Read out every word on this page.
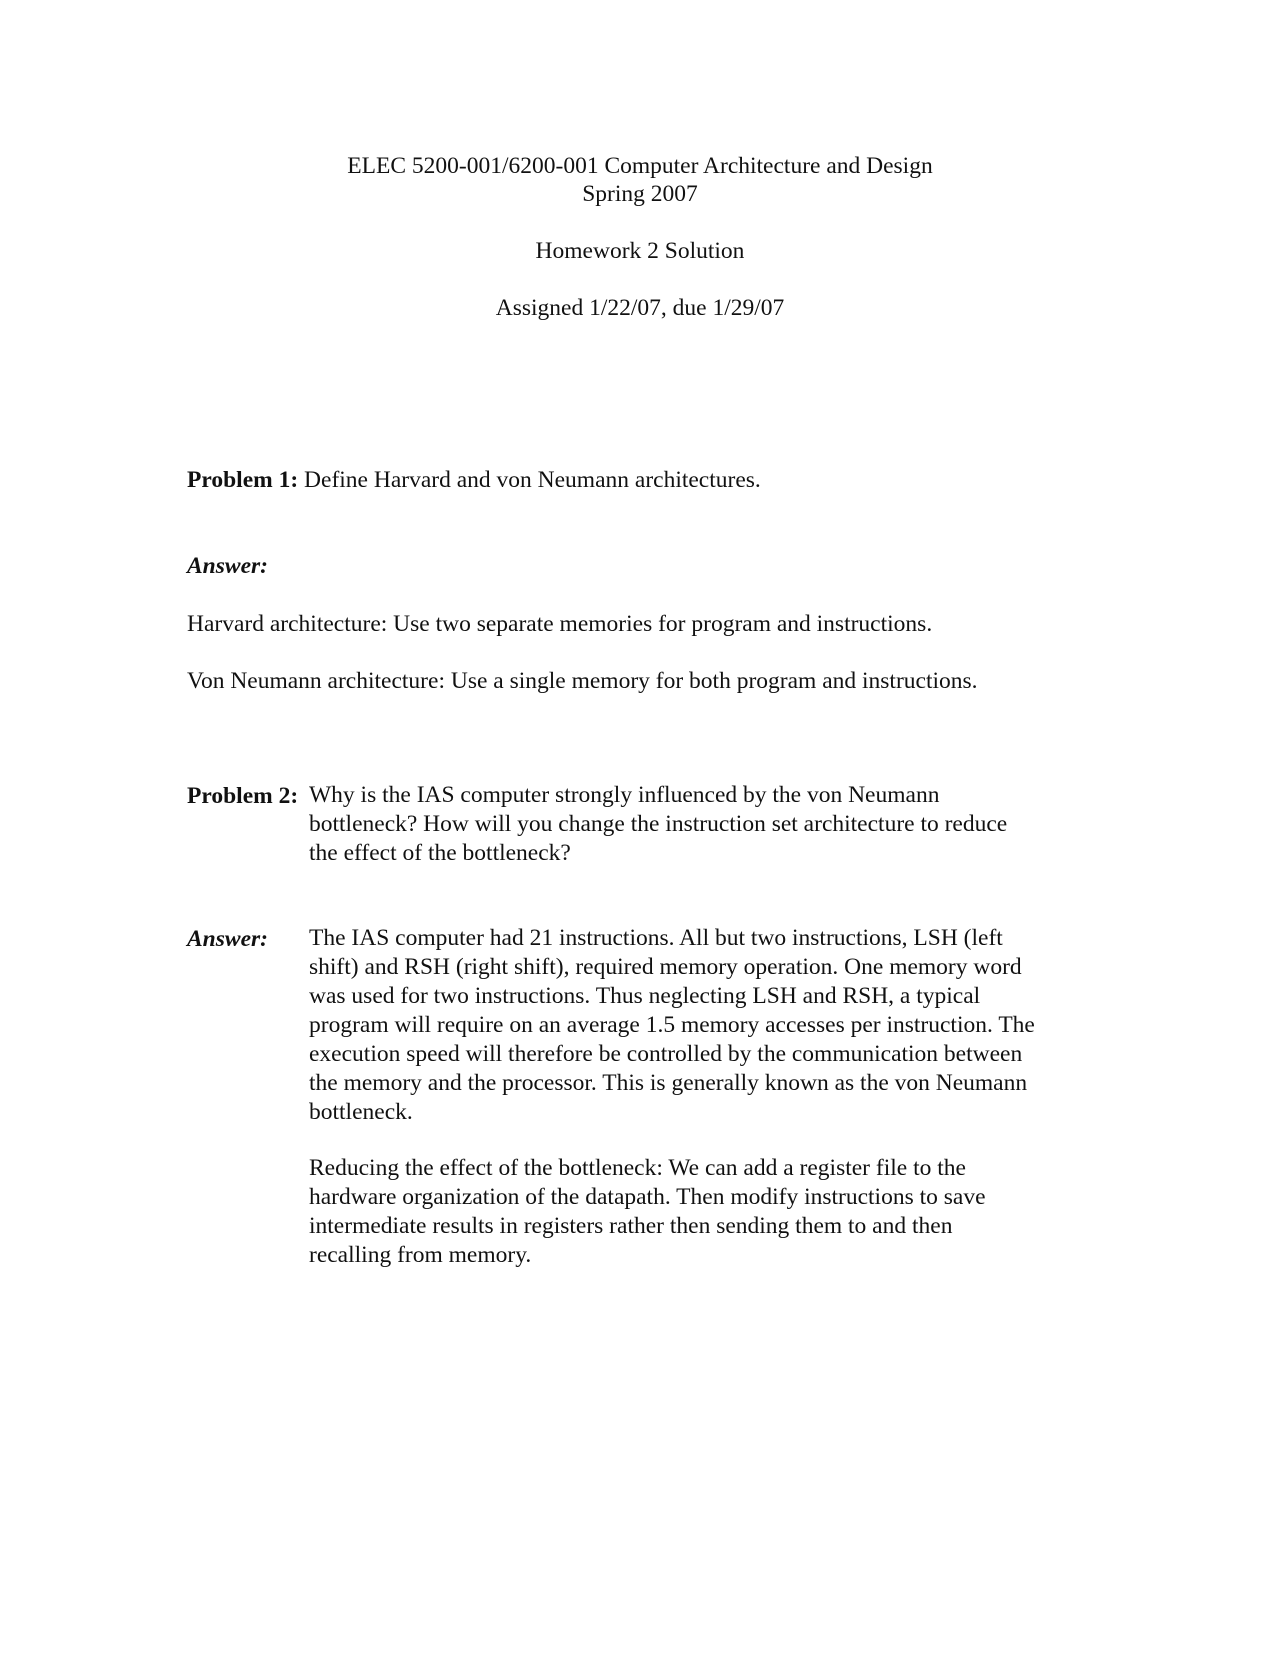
ELEC 5200-001/6200-001 Computer Architecture and Design
Spring 2007
Homework 2 Solution
Assigned 1/22/07, due 1/29/07
Problem 1: Define Harvard and von Neumann architectures.
Answer:
Harvard architecture: Use two separate memories for program and instructions.
Von Neumann architecture: Use a single memory for both program and instructions.
Problem 2: Why is the IAS computer strongly influenced by the von Neumann
bottleneck? How will you change the instruction set architecture to reduce
the effect of the bottleneck?
Answer: The IAS computer had 21 instructions. All but two instructions, LSH (left
shift) and RSH (right shift), required memory operation. One memory word
was used for two instructions. Thus neglecting LSH and RSH, a typical
program will require on an average 1.5 memory accesses per instruction. The
execution speed will therefore be controlled by the communication between
the memory and the processor. This is generally known as the von Neumann
bottleneck.
Reducing the effect of the bottleneck: We can add a register file to the
hardware organization of the datapath. Then modify instructions to save
intermediate results in registers rather then sending them to and then
recalling from memory.
